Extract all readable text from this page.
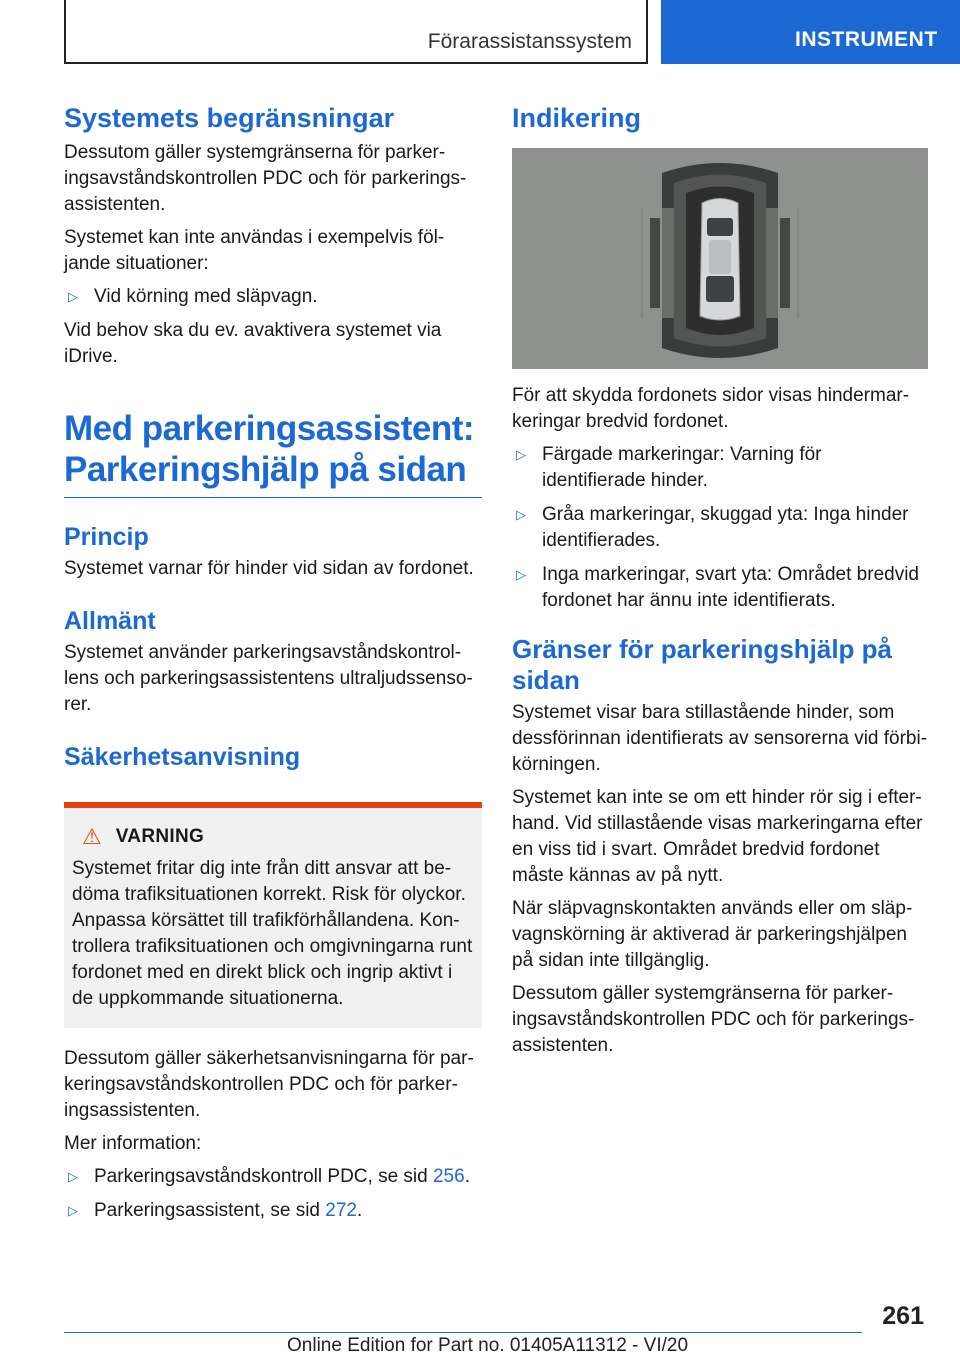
Förarassistanssystem	INSTRUMENT
Systemets begränsningar

Dessutom gäller systemgränserna för parkeringsavståndskontrollen PDC och för parkeringsassistenten.

Systemet kan inte användas i exempelvis följande situationer:

▷ Vid körning med släpvagn.

Vid behov ska du ev. avaktivera systemet via iDrive.

Med parkeringsassistent: Parkeringshjälp på sidan
Princip

Systemet varnar för hinder vid sidan av fordonet.

Allmänt

Systemet använder parkeringsavståndskontrollens och parkeringsassistentens ultraljudssensorer.

Säkerhetsanvisning
⚠ VARNING

Systemet fritar dig inte från ditt ansvar att bedöma trafiksituationen korrekt. Risk för olyckor. Anpassa körsättet till trafikförhållandena. Kontrollera trafiksituationen och omgivningarna runt fordonet med en direkt blick och ingrip aktivt i de uppkommande situationerna.

Dessutom gäller säkerhetsanvisningarna för parkeringsavståndskontrollen PDC och för parkeringsassistenten.

Mer information:

▷ Parkeringsavståndskontroll PDC, se sid 256.
▷ Parkeringsassistent, se sid 272.
Indikering

För att skydda fordonets sidor visas hindermarkeringar bredvid fordonet.

▷ Färgade markeringar: Varning för identifierade hinder.
▷ Gråa markeringar, skuggad yta: Inga hinder identifierades.
▷ Inga markeringar, svart yta: Området bredvid fordonet har ännu inte identifierats.
Gränser för parkeringshjälp på sidan

Systemet visar bara stillastående hinder, som dessförinnan identifierats av sensorerna vid förbikörningen.

Systemet kan inte se om ett hinder rör sig i efterhand. Vid stillastående visas markeringarna efter en viss tid i svart. Området bredvid fordonet måste kännas av på nytt.

När släpvagnskontakten används eller om släpvagnskörning är aktiverad är parkeringshjälpen på sidan inte tillgänglig.

Dessutom gäller systemgränserna för parkeringsavståndskontrollen PDC och för parkeringsassistenten.

261
Online Edition for Part no. 01405A11312 - VI/20
